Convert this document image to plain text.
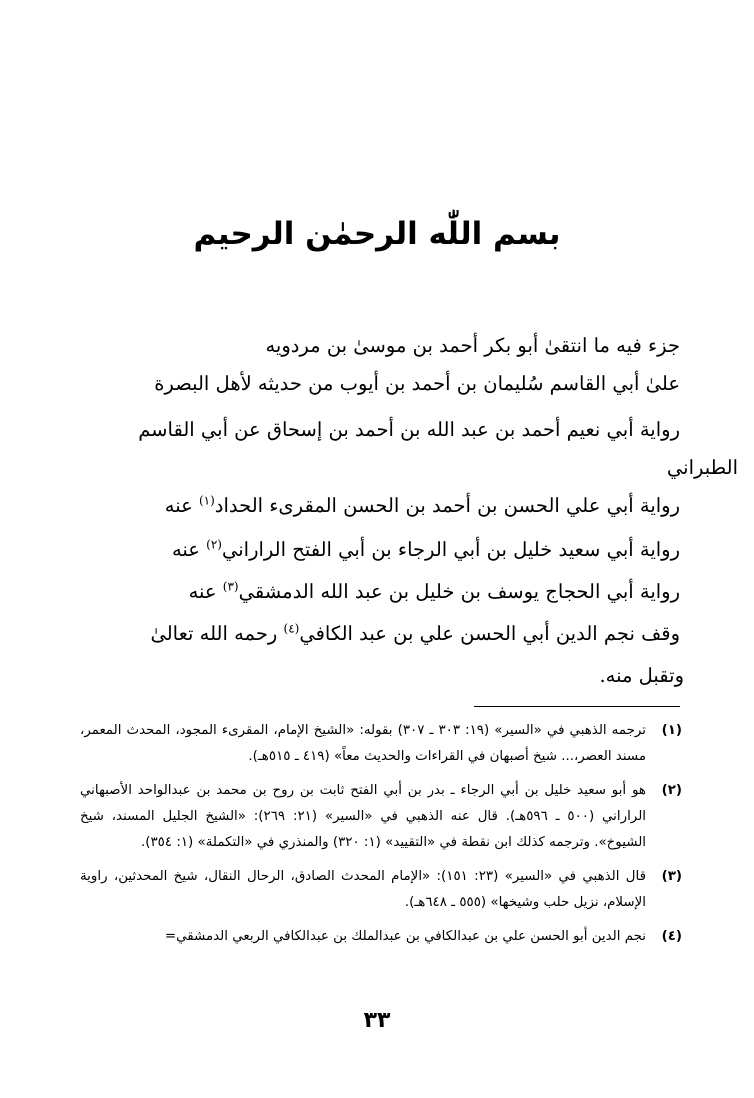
بسم اللّٰه الرحمٰن الرحيم
جزء فيه ما انتقىٰ أبو بكر أحمد بن موسىٰ بن مردويه
علىٰ أبي القاسم سُليمان بن أحمد بن أيوب من حديثه لأهل البصرة
رواية أبي نعيم أحمد بن عبد الله بن أحمد بن إسحاق عن أبي القاسم
الطبراني
رواية أبي علي الحسن بن أحمد بن الحسن المقرىء الحداد$^{(١)}$ عنه
رواية أبي سعيد خليل بن أبي الرجاء بن أبي الفتح الراراني$^{(٢)}$ عنه
رواية أبي الحجاج يوسف بن خليل بن عبد الله الدمشقي$^{(٣)}$ عنه
وقف نجم الدين أبي الحسن علي بن عبد الكافي$^{(٤)}$ رحمه الله تعالىٰ
وتقبل منه.
(١)
ترجمه الذهبي في «السير» (١٩: ٣٠٣ ـ ٣٠٧) بقوله: «الشيخ الإمام، المقرىء المجود، المحدث المعمر، مسند العصر،... شيخ أصبهان في القراءات والحديث معاً» (٤١٩ ـ ٥١٥هـ).
(٢)
هو أبو سعيد خليل بن أبي الرجاء ـ بدر بن أبي الفتح ثابت بن روح بن محمد بن عبدالواحد الأصبهاني الراراني (٥٠٠ ـ ٥٩٦هـ). قال عنه الذهبي في «السير» (٢١: ٢٦٩): «الشيخ الجليل المسند، شيخ الشيوخ». وترجمه كذلك ابن نقطة في «التقييد» (١: ٣٢٠) والمنذري في «التكملة» (١: ٣٥٤).
(٣)
قال الذهبي في «السير» (٢٣: ١٥١): «الإمام المحدث الصادق، الرحال النقال، شيخ المحدثين، راوية الإسلام، نزيل حلب وشيخها» (٥٥٥ ـ ٦٤٨هـ).
(٤)
نجم الدين أبو الحسن علي بن عبدالكافي بن عبدالملك بن عبدالكافي الربعي الدمشقي=
٣٣
